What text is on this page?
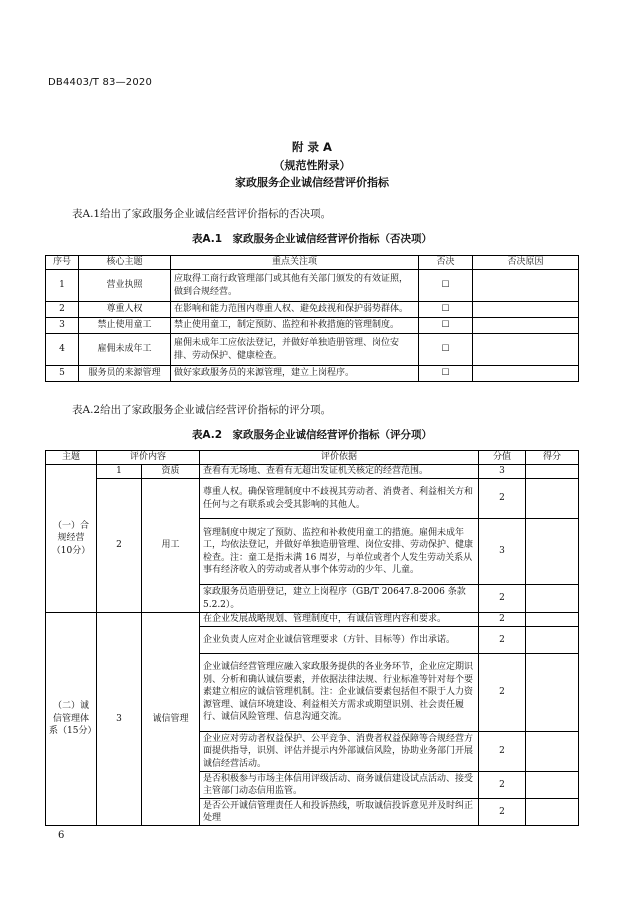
DB4403/T 83—2020
附 录 A
（规范性附录）
家政服务企业诚信经营评价指标
表A.1给出了家政服务企业诚信经营评价指标的否决项。
表A.1　家政服务企业诚信经营评价指标（否决项）
序号	核心主题	重点关注项	否决	否决原因
1	营业执照	应取得工商行政管理部门或其他有关部门颁发的有效证照，做到合规经营。	☐	
2	尊重人权	在影响和能力范围内尊重人权、避免歧视和保护弱势群体。	☐	
3	禁止使用童工	禁止使用童工，制定预防、监控和补救措施的管理制度。	☐	
4	雇佣未成年工	雇佣未成年工应依法登记，并做好单独造册管理、岗位安排、劳动保护、健康检查。	☐	
5	服务员的来源管理	做好家政服务员的来源管理，建立上岗程序。	☐	
表A.2给出了家政服务企业诚信经营评价指标的评分项。
表A.2　家政服务企业诚信经营评价指标（评分项）
主题	评价内容		评价依据	分值	得分
（一）合规经营（10分）	1	资质	查看有无场地、查看有无超出发证机关核定的经营范围。	3	
	2	用工	尊重人权。确保管理制度中不歧视其劳动者、消费者、利益相关方和任何与之有联系或会受其影响的其他人。	2	
			管理制度中规定了预防、监控和补救使用童工的措施。雇佣未成年工，均依法登记，并做好单独造册管理、岗位安排、劳动保护、健康检查。注：童工是指未满 16 周岁，与单位或者个人发生劳动关系从事有经济收入的劳动或者从事个体劳动的少年、儿童。	3	
			家政服务员造册登记，建立上岗程序（GB/T 20647.8-2006 条款5.2.2）。	2	
（二）诚信管理体系（15分）	3	诚信管理	在企业发展战略规划、管理制度中，有诚信管理内容和要求。	2	
			企业负责人应对企业诚信管理要求（方针、目标等）作出承诺。	2	
			企业诚信经营管理应融入家政服务提供的各业务环节，企业应定期识别、分析和确认诚信要素，并依据法律法规、行业标准等针对每个要素建立相应的诚信管理机制。注：企业诚信要素包括但不限于人力资源管理、诚信环境建设、利益相关方需求或期望识别、社会责任履行、诚信风险管理、信息沟通交流。	2	
			企业应对劳动者权益保护、公平竞争、消费者权益保障等合规经营方面提供指导，识别、评估并提示内外部诚信风险，协助业务部门开展诚信经营活动。	2	
			是否积极参与市场主体信用评级活动、商务诚信建设试点活动、接受主管部门动态信用监管。	2	
			是否公开诚信管理责任人和投诉热线，听取诚信投诉意见并及时纠正处理	2	
6
